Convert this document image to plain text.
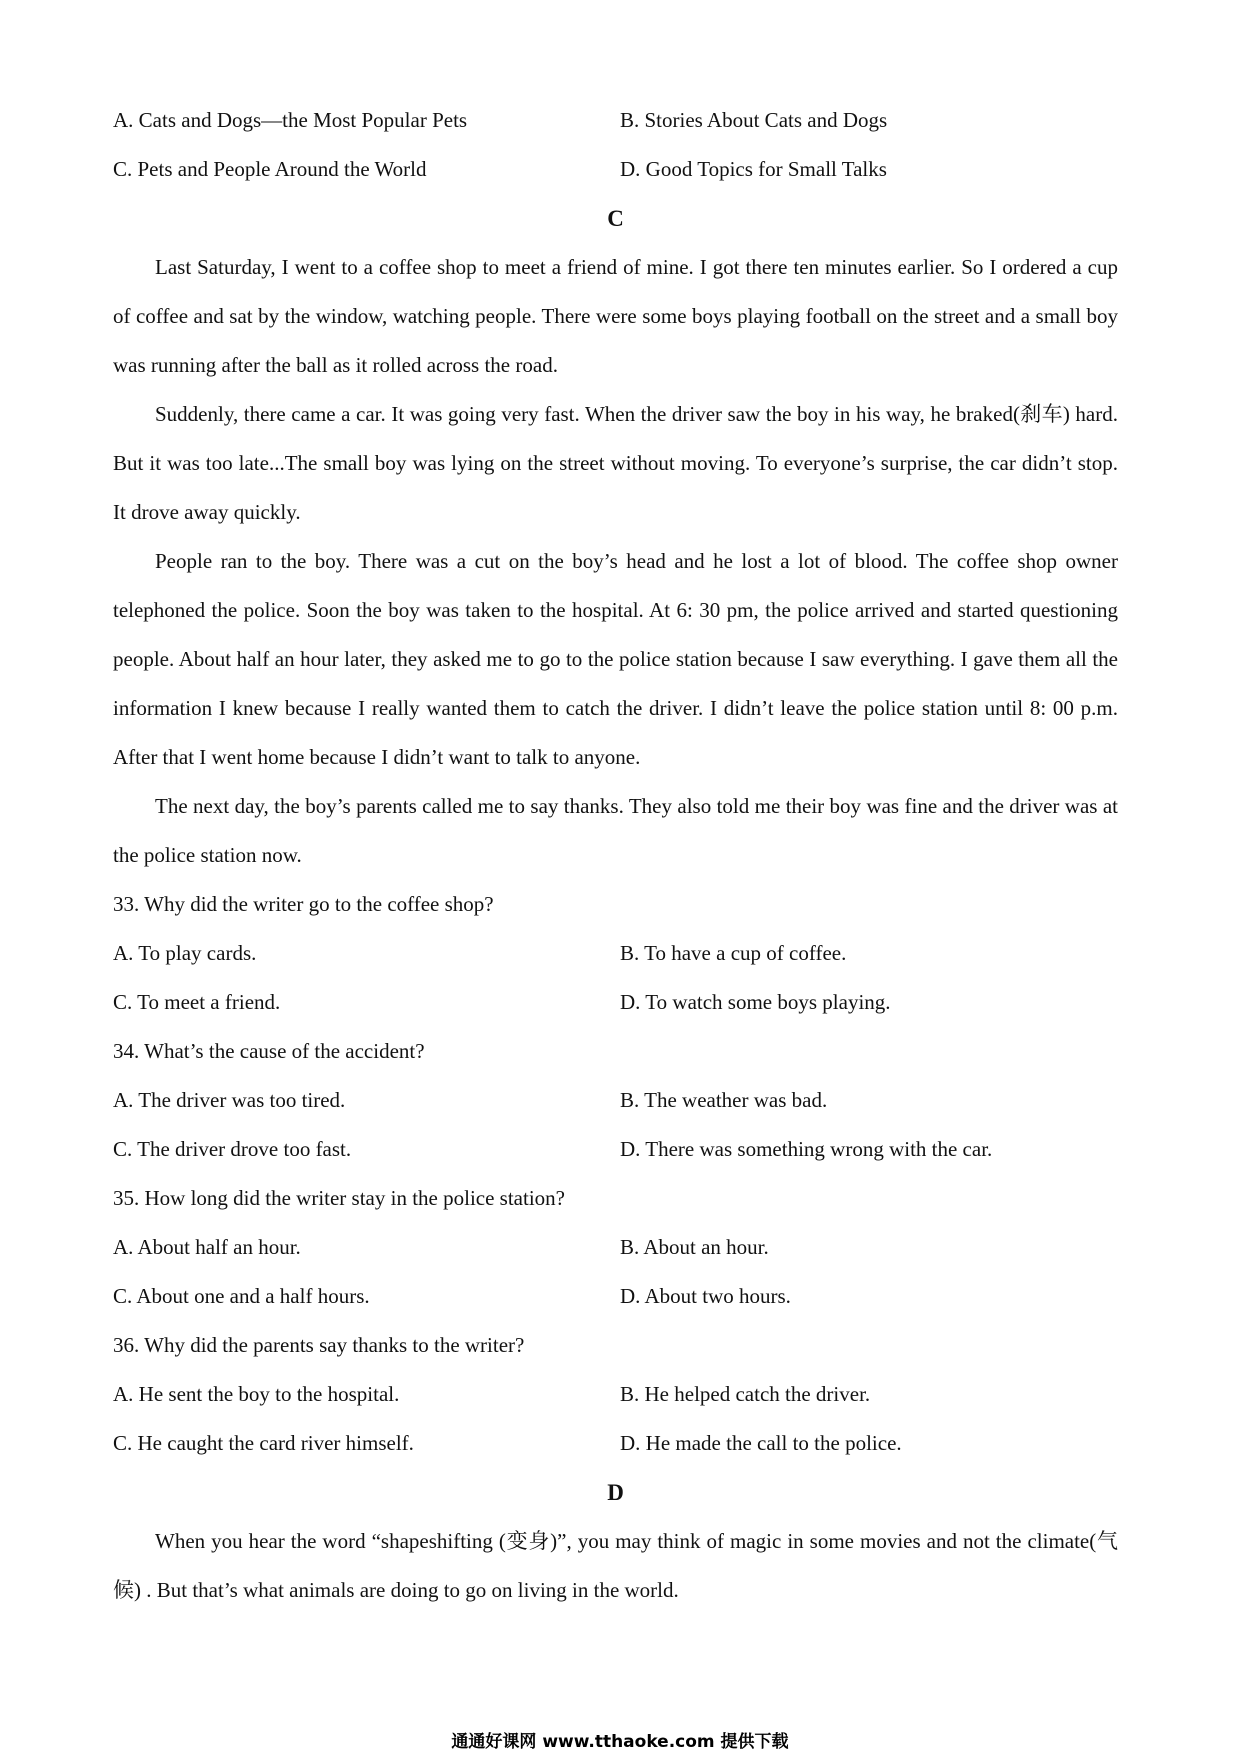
A. Cats and Dogs—the Most Popular Pets	B. Stories About Cats and Dogs
C. Pets and People Around the World	D. Good Topics for Small Talks
C

Last Saturday, I went to a coffee shop to meet a friend of mine. I got there ten minutes earlier. So I ordered a cup of coffee and sat by the window, watching people. There were some boys playing football on the street and a small boy was running after the ball as it rolled across the road.

Suddenly, there came a car. It was going very fast. When the driver saw the boy in his way, he braked(刹车) hard. But it was too late...The small boy was lying on the street without moving. To everyone’s surprise, the car didn’t stop. It drove away quickly.

People ran to the boy. There was a cut on the boy’s head and he lost a lot of blood. The coffee shop owner telephoned the police. Soon the boy was taken to the hospital. At 6: 30 pm, the police arrived and started questioning people. About half an hour later, they asked me to go to the police station because I saw everything. I gave them all the information I knew because I really wanted them to catch the driver. I didn’t leave the police station until 8: 00 p.m. After that I went home because I didn’t want to talk to anyone.

The next day, the boy’s parents called me to say thanks. They also told me their boy was fine and the driver was at the police station now.

33. Why did the writer go to the coffee shop?
A. To play cards.	B. To have a cup of coffee.
C. To meet a friend.	D. To watch some boys playing.
34. What’s the cause of the accident?
A. The driver was too tired.	B. The weather was bad.
C. The driver drove too fast.	D. There was something wrong with the car.
35. How long did the writer stay in the police station?
A. About half an hour.	B. About an hour.
C. About one and a half hours.	D. About two hours.
36. Why did the parents say thanks to the writer?
A. He sent the boy to the hospital.	B. He helped catch the driver.
C. He caught the card river himself.	D. He made the call to the police.
D

When you hear the word “shapeshifting (变身)”, you may think of magic in some movies and not the climate(气候) . But that’s what animals are doing to go on living in the world.

通通好课网 www.tthaoke.com 提供下载
